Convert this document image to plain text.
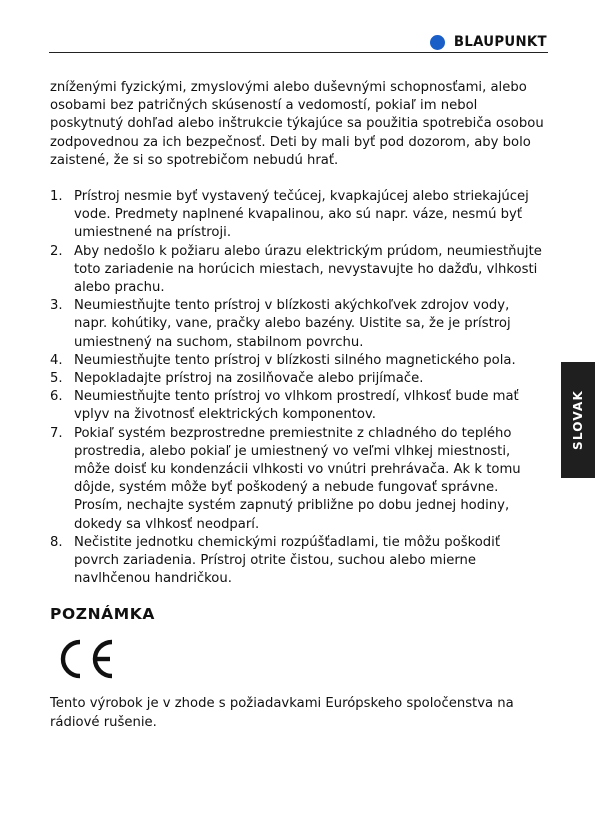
BLAUPUNKT
SLOVAK

zníženými fyzickými, zmyslovými alebo duševnými schopnosťami, alebo osobami bez patričných skúseností a vedomostí, pokiaľ im nebol poskytnutý dohľad alebo inštrukcie týkajúce sa použitia spotrebiča osobou zodpovednou za ich bezpečnosť. Deti by mali byť pod dozorom, aby bolo zaistené, že si so spotrebičom nebudú hrať.

1. Prístroj nesmie byť vystavený tečúcej, kvapkajúcej alebo striekajúcej vode. Predmety naplnené kvapalinou, ako sú napr. váze, nesmú byť umiestnené na prístroji.
2. Aby nedošlo k požiaru alebo úrazu elektrickým prúdom, neumiestňujte toto zariadenie na horúcich miestach, nevystavujte ho dažďu, vlhkosti alebo prachu.
3. Neumiestňujte tento prístroj v blízkosti akýchkoľvek zdrojov vody, napr. kohútiky, vane, pračky alebo bazény. Uistite sa, že je prístroj umiestnený na suchom, stabilnom povrchu.
4. Neumiestňujte tento prístroj v blízkosti silného magnetického pola.
5. Nepokladajte prístroj na zosilňovače alebo prijímače.
6. Neumiestňujte tento prístroj vo vlhkom prostredí, vlhkosť bude mať vplyv na životnosť elektrických komponentov.
7. Pokiaľ systém bezprostredne premiestnite z chladného do teplého prostredia, alebo pokiaľ je umiestnený vo veľmi vlhkej miestnosti, môže doisť ku kondenzácii vlhkosti vo vnútri prehrávača. Ak k tomu dôjde, systém môže byť poškodený a nebude fungovať správne. Prosím, nechajte systém zapnutý približne po dobu jednej hodiny, dokedy sa vlhkosť neodparí.
8. Nečistite jednotku chemickými rozpúšťadlami, tie môžu poškodiť povrch zariadenia. Prístroj otrite čistou, suchou alebo mierne navlhčenou handričkou.
POZNÁMKA

Tento výrobok je v zhode s požiadavkami Európskeho spoločenstva na rádiové rušenie.
